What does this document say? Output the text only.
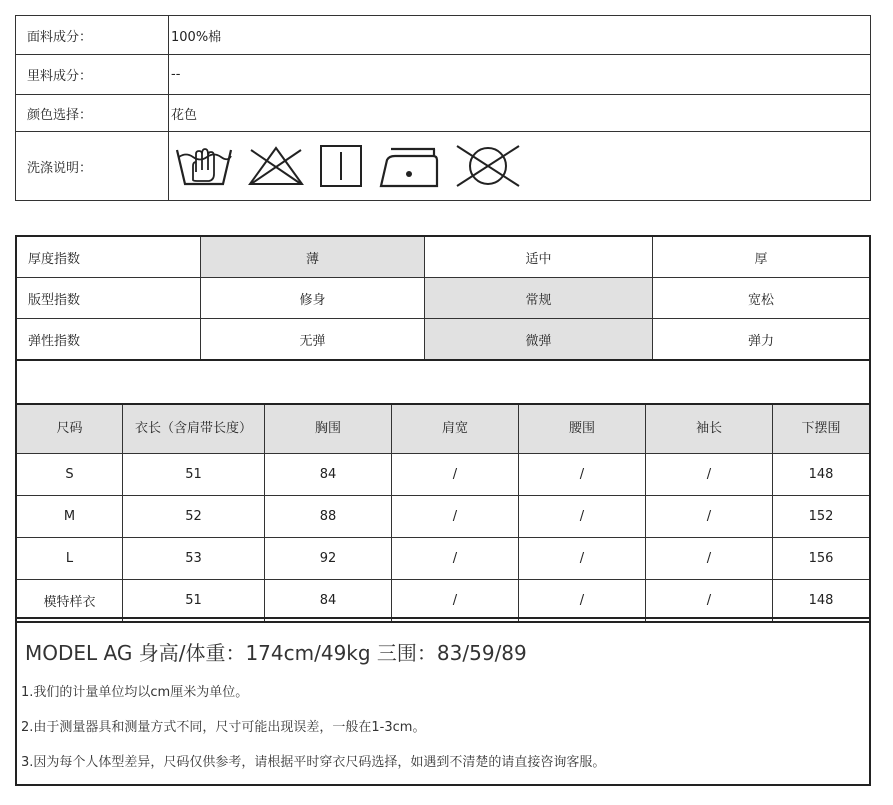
面料成分：	100%棉
里料成分：	--
颜色选择：	花色
洗涤说明：	
厚度指数	薄	适中	厚
版型指数	修身	常规	宽松
弹性指数	无弹	微弹	弹力
尺码	衣长（含肩带长度）	胸围	肩宽	腰围	袖长	下摆围
S	51	84	/	/	/	148
M	52	88	/	/	/	152
L	53	92	/	/	/	156
模特样衣	51	84	/	/	/	148
MODEL AG 身高/体重：174cm/49kg 三围：83/59/89
1.我们的计量单位均以cm厘米为单位。
2.由于测量器具和测量方式不同，尺寸可能出现误差，一般在1-3cm。
3.因为每个人体型差异，尺码仅供参考，请根据平时穿衣尺码选择，如遇到不清楚的请直接咨询客服。
